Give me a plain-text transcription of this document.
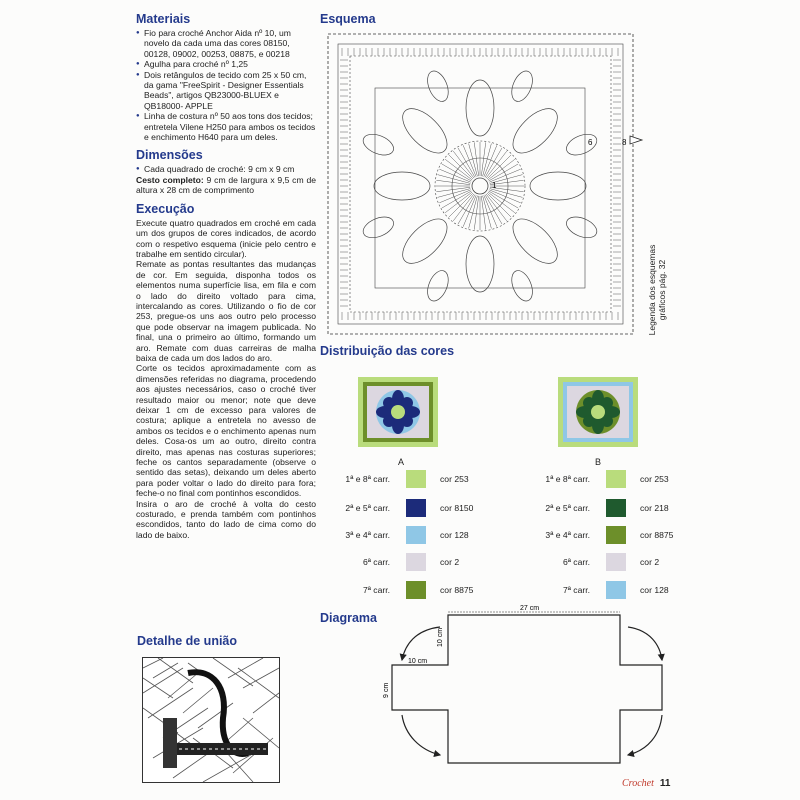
Materiais

● Fio para croché Anchor Aida nº 10, um novelo da cada uma das cores 08150, 00128, 09002, 00253, 08875, e 00218

● Agulha para croché nº 1,25

● Dois retângulos de tecido com 25 x 50 cm, da gama "FreeSpirit - Designer Essentials Beads", artigos QB23000-BLUEX e QB18000- APPLE

● Linha de costura nº 50 aos tons dos tecidos; entretela Vilene H250 para ambos os tecidos e enchimento H640 para um deles.

Dimensões

● Cada quadrado de croché: 9 cm x 9 cm

Cesto completo: 9 cm de largura x 9,5 cm de altura x 28 cm de comprimento

Execução

Execute quatro quadrados em croché em cada um dos grupos de cores indicados, de acordo com o respetivo esquema (inicie pelo centro e trabalhe em sentido circular).

Remate as pontas resultantes das mudanças de cor. Em seguida, disponha todos os elementos numa superfície lisa, em fila e com o lado do direito voltado para cima, intercalando as cores. Utilizando o fio de cor 253, pregue-os uns aos outro pelo processo que pode observar na imagem publicada. No final, una o primeiro ao último, formando um aro. Remate com duas carreiras de malha baixa de cada um dos lados do aro.

Corte os tecidos aproximadamente com as dimensões referidas no diagrama, procedendo aos ajustes necessários, caso o croché tiver resultado maior ou menor; note que deve deixar 1 cm de excesso para valores de costura; aplique a entretela no avesso de ambos os tecidos e o enchimento apenas num deles. Cosa-os um ao outro, direito contra direito, mas apenas nas costuras superiores; feche os cantos separadamente (observe o sentido das setas), deixando um deles aberto para poder voltar o lado do direito para fora; feche-o no final com pontinhos escondidos.

Insira o aro de croché à volta do cesto costurado, e prenda também com pontinhos escondidos, tanto do lado de cima como do lado de baixo.

Detalhe de união
Esquema
1
6	8
Legenda dos esquemas gráficos pág. 32
Distribuição das cores
A	B
1ª e 8ª carr.	cor 253
2ª e 5ª carr.	cor 8150
3ª e 4ª carr.	cor 128
6ª carr.	cor 2
7ª carr.	cor 8875
1ª e 8ª carr.	cor 253
2ª e 5ª carr.	cor 218
3ª e 4ª carr.	cor 8875
6ª carr.	cor 2
7ª carr.	cor 128
Diagrama
27 cm
10 cm
10 cm
9 cm
Crochet 11
